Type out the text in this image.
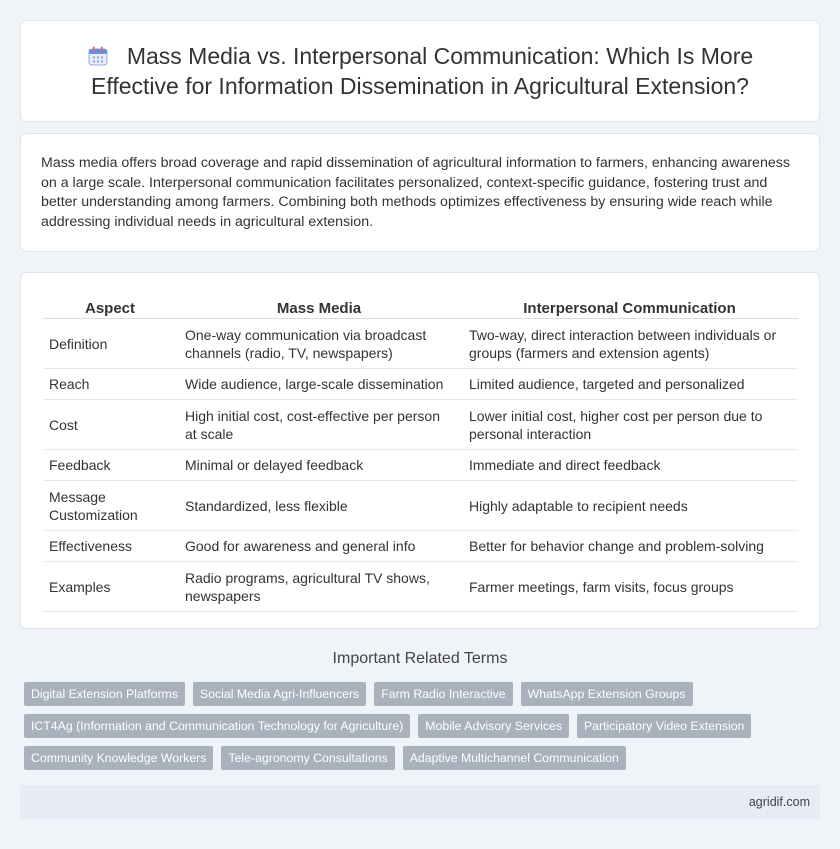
Mass Media vs. Interpersonal Communication: Which Is More Effective for Information Dissemination in Agricultural Extension?

Mass media offers broad coverage and rapid dissemination of agricultural information to farmers, enhancing awareness on a large scale. Interpersonal communication facilitates personalized, context-specific guidance, fostering trust and better understanding among farmers. Combining both methods optimizes effectiveness by ensuring wide reach while addressing individual needs in agricultural extension.

Aspect	Mass Media	Interpersonal Communication
Definition	One-way communication via broadcast channels (radio, TV, newspapers)	Two-way, direct interaction between individuals or groups (farmers and extension agents)
Reach	Wide audience, large-scale dissemination	Limited audience, targeted and personalized
Cost	High initial cost, cost-effective per person at scale	Lower initial cost, higher cost per person due to personal interaction
Feedback	Minimal or delayed feedback	Immediate and direct feedback
Message Customization	Standardized, less flexible	Highly adaptable to recipient needs
Effectiveness	Good for awareness and general info	Better for behavior change and problem-solving
Examples	Radio programs, agricultural TV shows, newspapers	Farmer meetings, farm visits, focus groups
Important Related Terms
Digital Extension Platforms	Social Media Agri-Influencers	Farm Radio Interactive	WhatsApp Extension Groups
ICT4Ag (Information and Communication Technology for Agriculture)	Mobile Advisory Services	Participatory Video Extension
Community Knowledge Workers	Tele-agronomy Consultations	Adaptive Multichannel Communication
agridif.com
